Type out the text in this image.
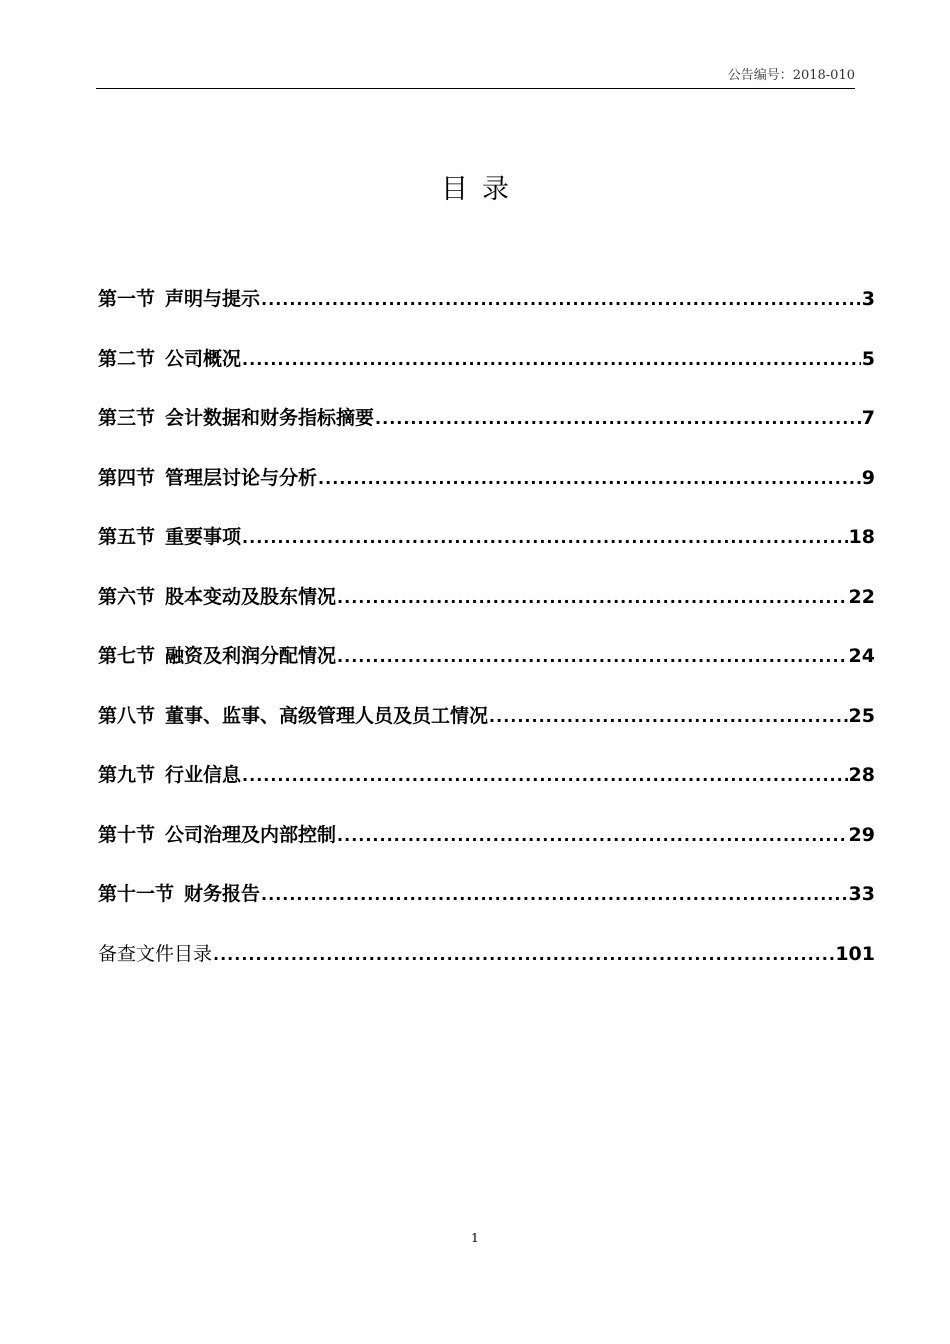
公告编号：2018-010
目录
第一节 声明与提示 .....	3
第二节 公司概况 .....	5
第三节 会计数据和财务指标摘要 .....	7
第四节 管理层讨论与分析 .....	9
第五节 重要事项 .....	18
第六节 股本变动及股东情况 .....	22
第七节 融资及利润分配情况 .....	24
第八节 董事、监事、高级管理人员及员工情况 .....	25
第九节 行业信息 .....	28
第十节 公司治理及内部控制 .....	29
第十一节 财务报告 .....	33
备查文件目录 .....	101
1
